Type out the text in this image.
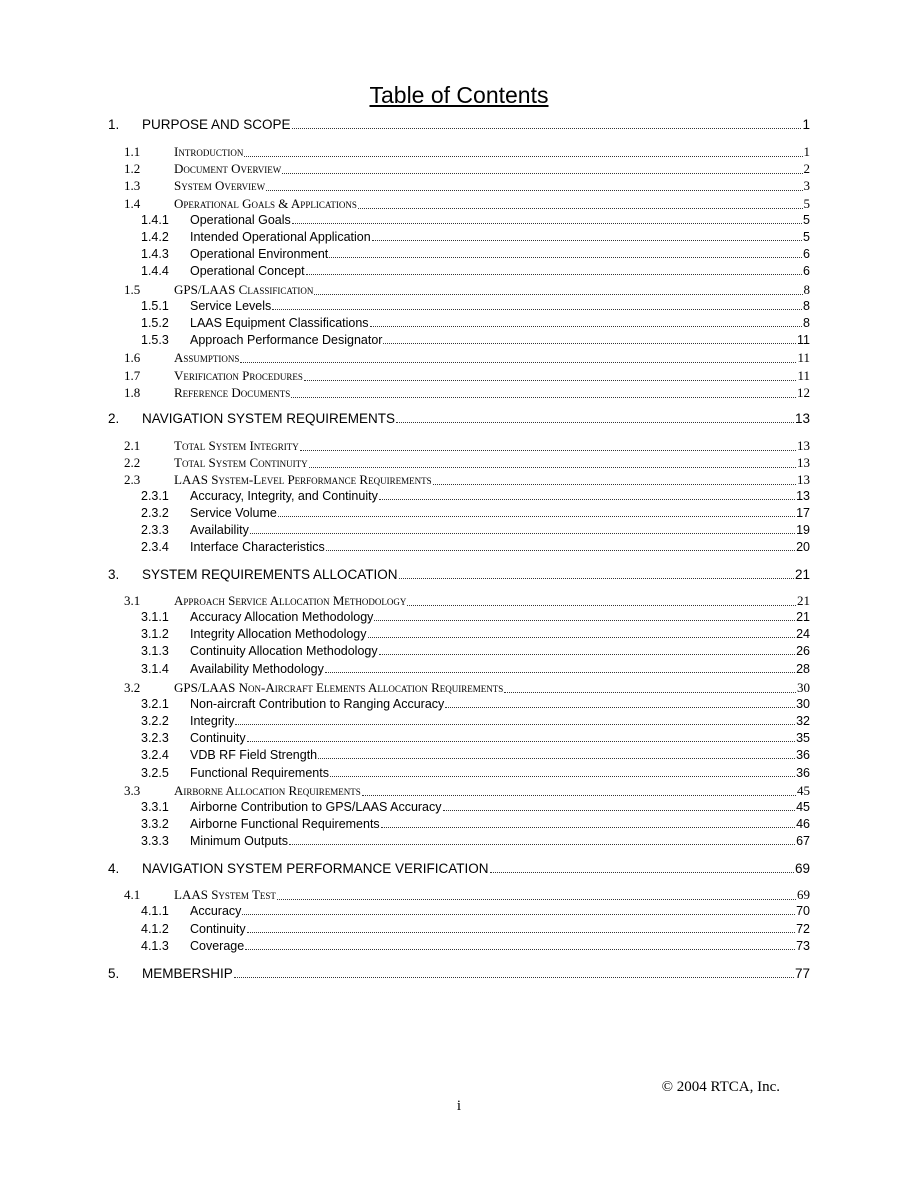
Table of Contents
1.	PURPOSE AND SCOPE	1
1.1	Introduction	1
1.2	Document Overview	2
1.3	System Overview	3
1.4	Operational Goals & Applications	5
1.4.1	Operational Goals	5
1.4.2	Intended Operational Application	5
1.4.3	Operational Environment	6
1.4.4	Operational Concept	6
1.5	GPS/LAAS Classification	8
1.5.1	Service Levels	8
1.5.2	LAAS Equipment Classifications	8
1.5.3	Approach Performance Designator	11
1.6	Assumptions	11
1.7	Verification Procedures	11
1.8	Reference Documents	12
2.	NAVIGATION SYSTEM REQUIREMENTS	13
2.1	Total System Integrity	13
2.2	Total System Continuity	13
2.3	LAAS System-Level Performance Requirements	13
2.3.1	Accuracy, Integrity, and Continuity	13
2.3.2	Service Volume	17
2.3.3	Availability	19
2.3.4	Interface Characteristics	20
3.	SYSTEM REQUIREMENTS ALLOCATION	21
3.1	Approach Service Allocation Methodology	21
3.1.1	Accuracy Allocation Methodology	21
3.1.2	Integrity Allocation Methodology	24
3.1.3	Continuity Allocation Methodology	26
3.1.4	Availability Methodology	28
3.2	GPS/LAAS Non-Aircraft Elements Allocation Requirements	30
3.2.1	Non-aircraft Contribution to Ranging Accuracy	30
3.2.2	Integrity	32
3.2.3	Continuity	35
3.2.4	VDB RF Field Strength	36
3.2.5	Functional Requirements	36
3.3	Airborne Allocation Requirements	45
3.3.1	Airborne Contribution to GPS/LAAS Accuracy	45
3.3.2	Airborne Functional Requirements	46
3.3.3	Minimum Outputs	67
4.	NAVIGATION SYSTEM PERFORMANCE VERIFICATION	69
4.1	LAAS System Test	69
4.1.1	Accuracy	70
4.1.2	Continuity	72
4.1.3	Coverage	73
5.	MEMBERSHIP	77
© 2004 RTCA, Inc.
i
